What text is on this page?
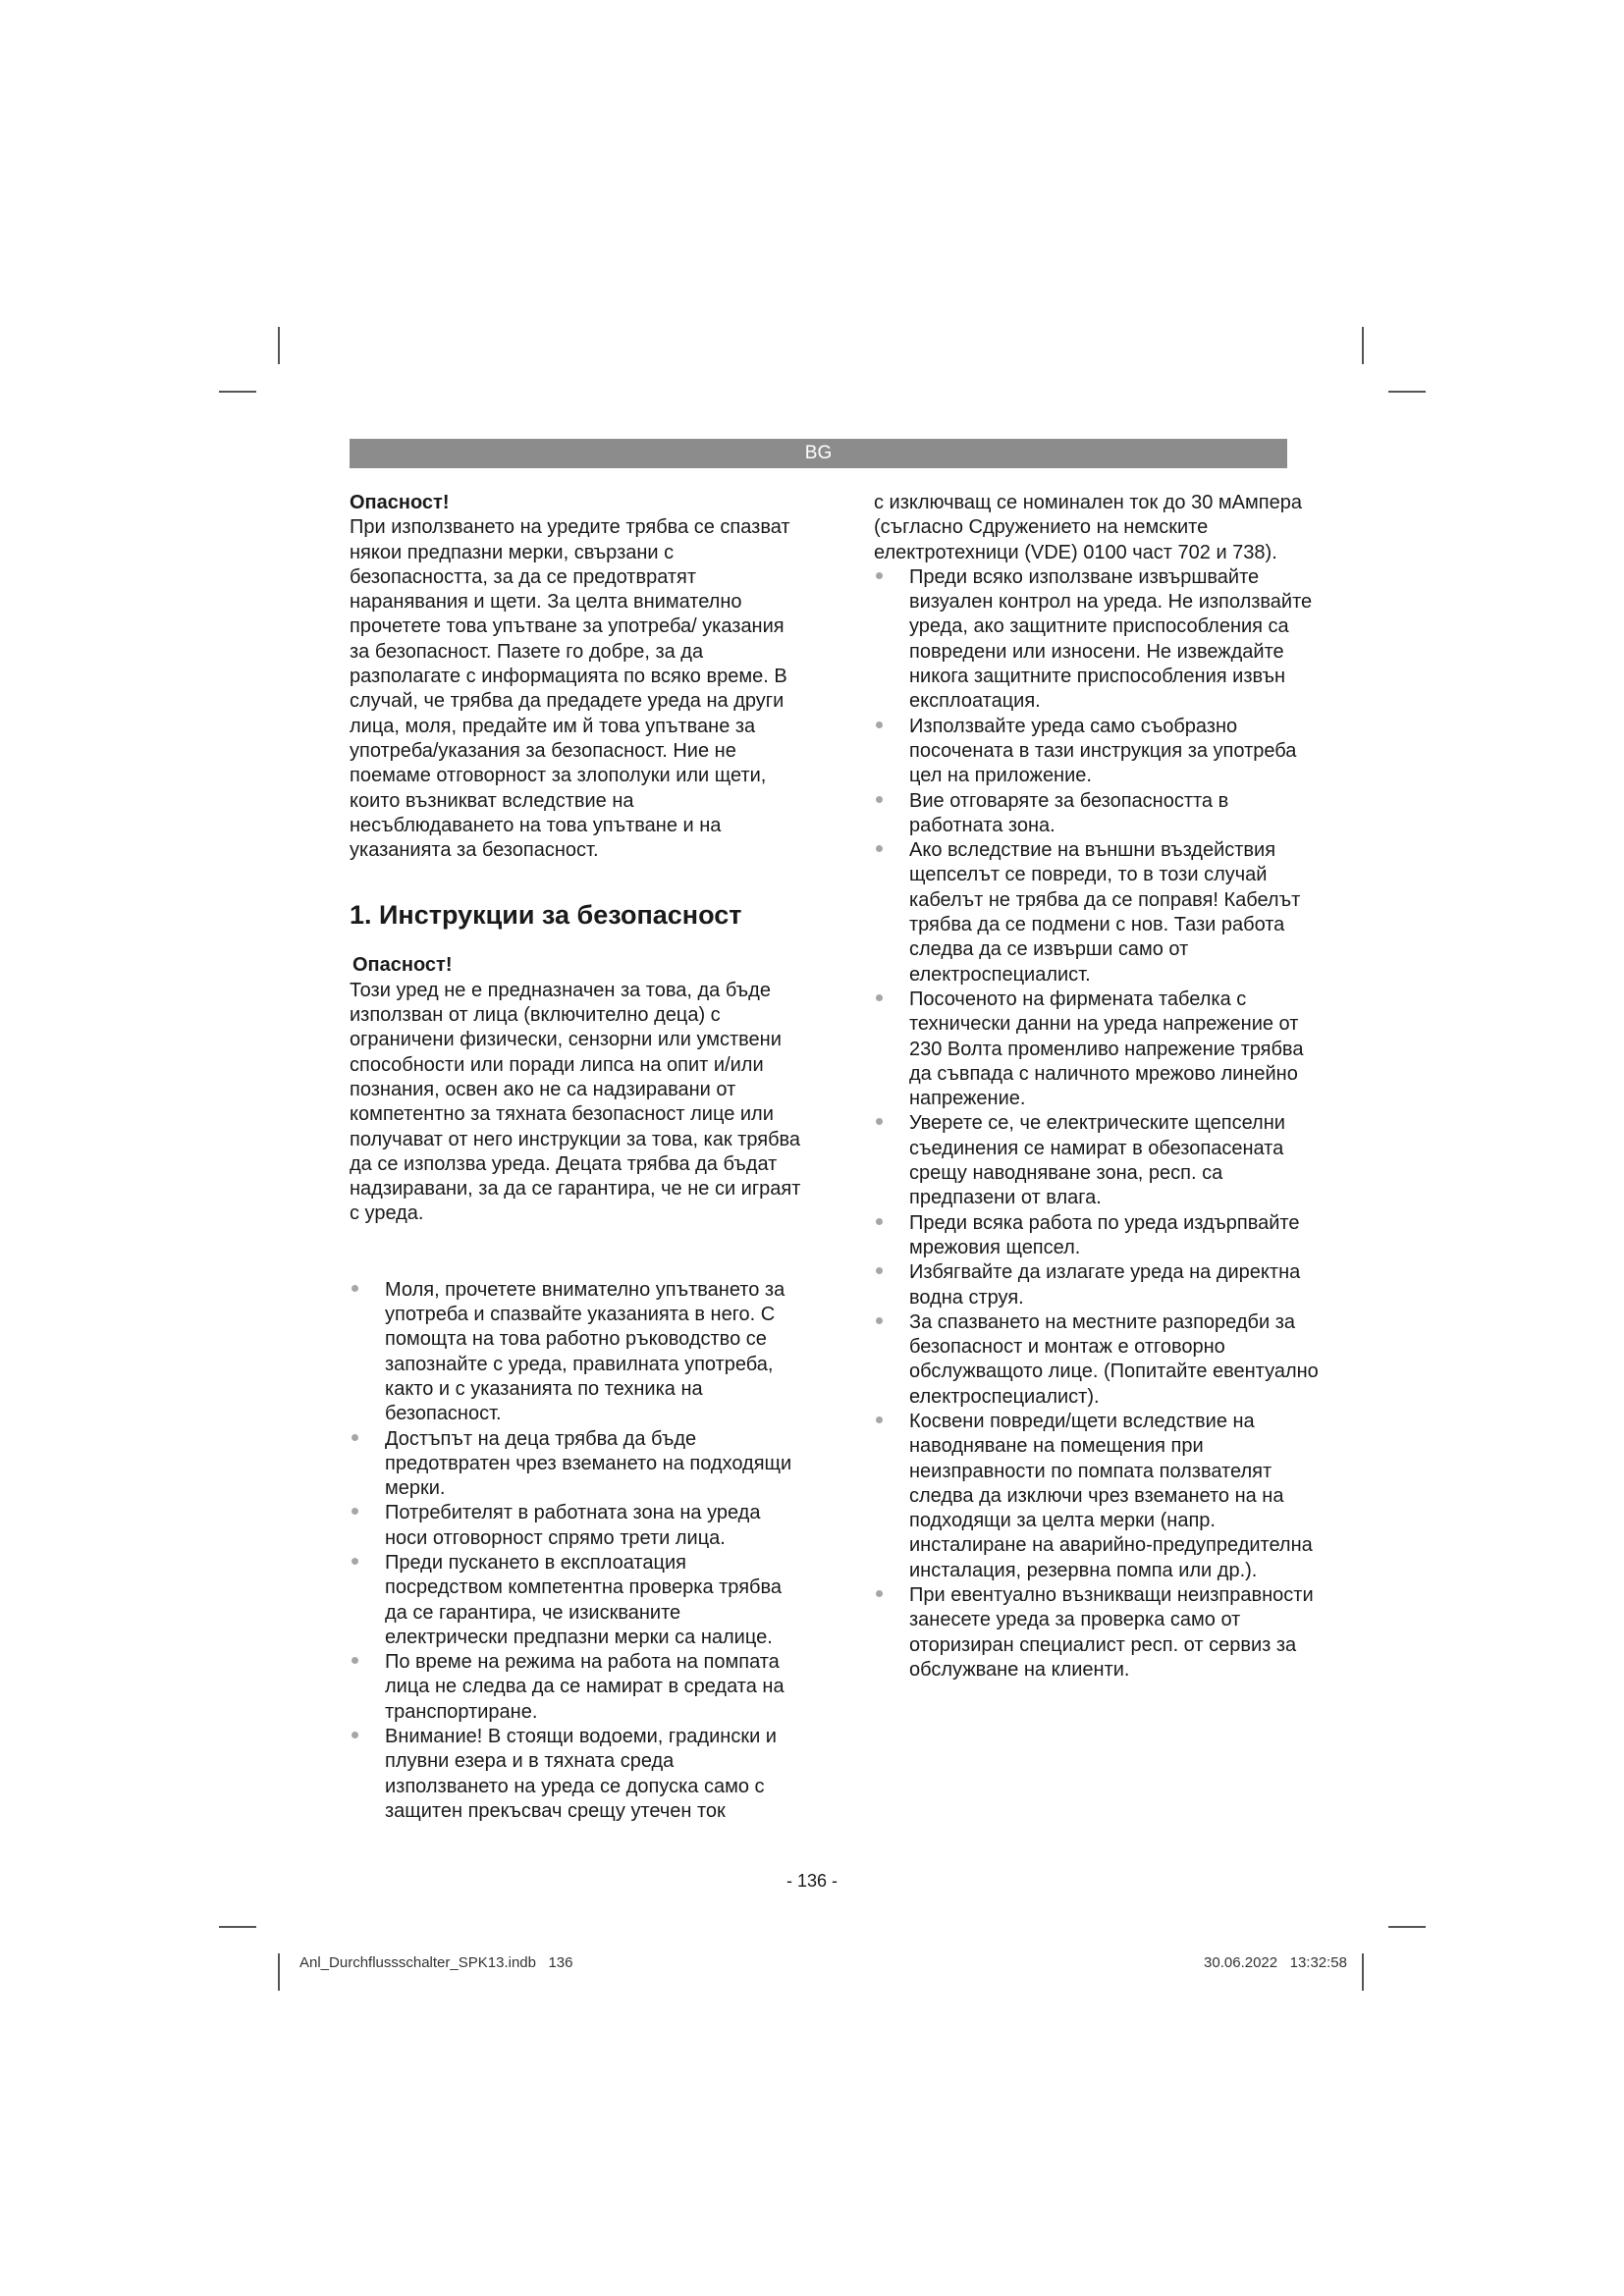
BG

Опасност!

При използването на уредите трябва се спазват някои предпазни мерки, свързани с безопасността, за да се предотвратят наранявания и щети. За целта внимателно прочетете това упътване за употреба/ указания за безопасност. Пазете го добре, за да разполагате с информацията по всяко време. В случай, че трябва да предадете уреда на други лица, моля, предайте им й това упътване за употреба/указания за безопасност. Ние не поемаме отговорност за злополуки или щети, които възникват вследствие на несъблюдаването на това упътване и на указанията за безопасност.

1. Инструкции за безопасност

Опасност!

Този уред не е предназначен за това, да бъде използван от лица (включително деца) с ограничени физически, сензорни или умствени способности или поради липса на опит и/или познания, освен ако не са надзиравани от компетентно за тяхната безопасност лице или получават от него инструкции за това, как трябва да се използва уреда. Децата трябва да бъдат надзиравани, за да се гарантира, че не си играят с уреда.

Моля, прочетете внимателно упътването за употреба и спазвайте указанията в него. С помощта на това работно ръководство се запознайте с уреда, правилната употреба, както и с указанията по техника на безопасност.
Достъпът на деца трябва да бъде предотвратен чрез вземането на подходящи мерки.
Потребителят в работната зона на уреда носи отговорност спрямо трети лица.
Преди пускането в експлоатация посредством компетентна проверка трябва да се гарантира, че изискваните електрически предпазни мерки са налице.
По време на режима на работа на помпата лица не следва да се намират в средата на транспортиране.
Внимание! В стоящи водоеми, градински и плувни езера и в тяхната среда използването на уреда се допуска само с защитен прекъсвач срещу утечен ток

с изключващ се номинален ток до 30 мАмпера (съгласно Сдружението на немските електротехници (VDE) 0100 част 702 и 738).

Преди всяко използване извършвайте визуален контрол на уреда. Не използвайте уреда, ако защитните приспособления са повредени или износени. Не извеждайте никога защитните приспособления извън експлоатация.
Използвайте уреда само съобразно посочената в тази инструкция за употреба цел на приложение.
Вие отговаряте за безопасността в работната зона.
Ако вследствие на външни въздействия щепселът се повреди, то в този случай кабелът не трябва да се поправя! Кабелът трябва да се подмени с нов. Тази работа следва да се извърши само от електроспециалист.
Посоченото на фирмената табелка с технически данни на уреда напрежение от 230 Волта променливо напрежение трябва да съвпада с наличното мрежово линейно напрежение.
Уверете се, че електрическите щепселни съединения се намират в обезопасената срещу наводняване зона, респ. са предпазени от влага.
Преди всяка работа по уреда издърпвайте мрежовия щепсел.
Избягвайте да излагате уреда на директна водна струя.
За спазването на местните разпоредби за безопасност и монтаж е отговорно обслужващото лице. (Попитайте евентуално електроспециалист).
Косвени повреди/щети вследствие на наводняване на помещения при неизправности по помпата ползвателят следва да изключи чрез вземането на на подходящи за целта мерки (напр. инсталиране на аварийно-предупредителна инсталация, резервна помпа или др.).
При евентуално възникващи неизправности занесете уреда за проверка само от оторизиран специалист респ. от сервиз за обслужване на клиенти.
- 136 -
Anl_Durchflussschalter_SPK13.indb   136	30.06.2022   13:32:58
